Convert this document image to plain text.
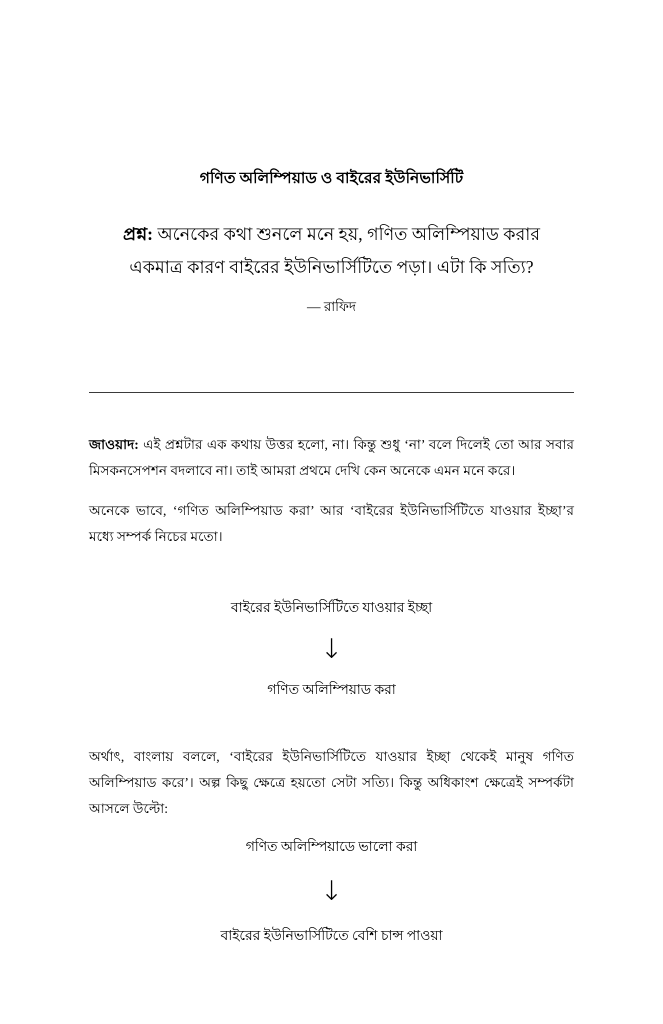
গণিত অলিম্পিয়াড ও বাইরের ইউনিভার্সিটি
প্রশ্ন: অনেকের কথা শুনলে মনে হয়, গণিত অলিম্পিয়াড করার একমাত্র কারণ বাইরের ইউনিভার্সিটিতে পড়া। এটা কি সত্যি?
— রাফিদ

জাওয়াদ: এই প্রশ্নটার এক কথায় উত্তর হলো, না। কিন্তু শুধু ‘না’ বলে দিলেই তো আর সবার মিসকনসেপশন বদলাবে না। তাই আমরা প্রথমে দেখি কেন অনেকে এমন মনে করে।

অনেকে ভাবে, ‘গণিত অলিম্পিয়াড করা’ আর ‘বাইরের ইউনিভার্সিটিতে যাওয়ার ইচ্ছা’র মধ্যে সম্পর্ক নিচের মতো।

বাইরের ইউনিভার্সিটিতে যাওয়ার ইচ্ছা
↓
গণিত অলিম্পিয়াড করা

অর্থাৎ, বাংলায় বললে, ‘বাইরের ইউনিভার্সিটিতে যাওয়ার ইচ্ছা থেকেই মানুষ গণিত অলিম্পিয়াড করে’। অল্প কিছু ক্ষেত্রে হয়তো সেটা সত্যি। কিন্তু অধিকাংশ ক্ষেত্রেই সম্পর্কটা আসলে উল্টো:

গণিত অলিম্পিয়াডে ভালো করা
↓
বাইরের ইউনিভার্সিটিতে বেশি চান্স পাওয়া
